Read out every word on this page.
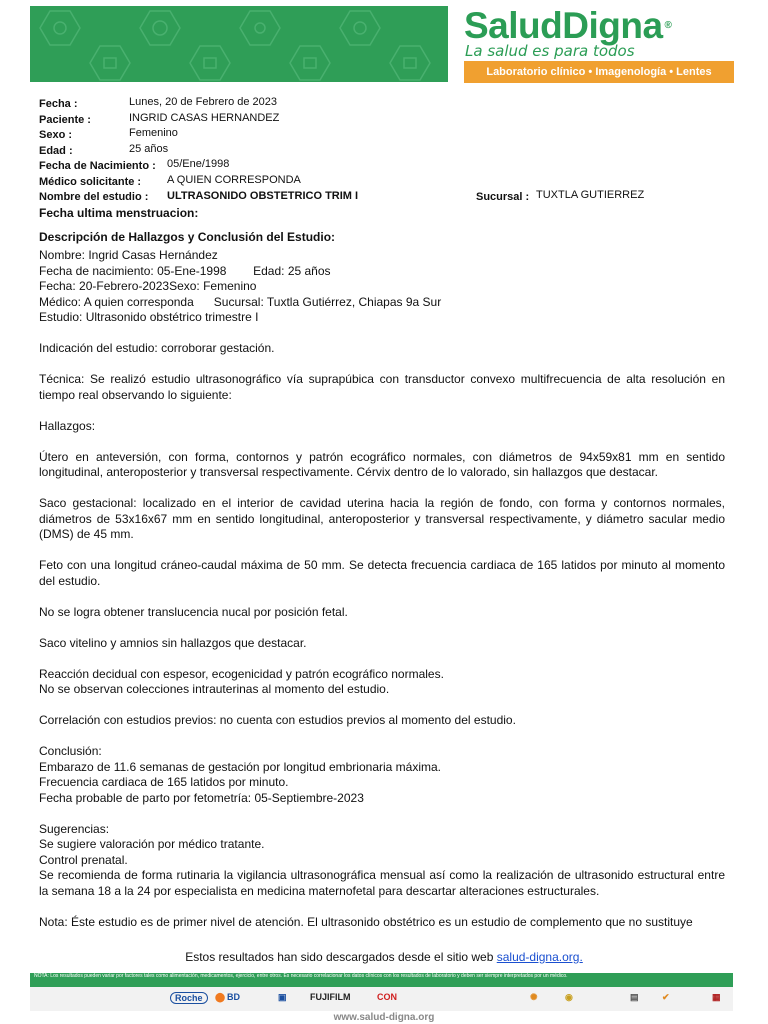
SaludDigna ®
La salud es para todos
Laboratorio clínico • Imagenología • Lentes
Fecha :	Lunes, 20 de Febrero de 2023
Paciente :	INGRID CASAS HERNANDEZ
Sexo :	Femenino
Edad :	25 años
Fecha de Nacimiento : 05/Ene/1998
Médico solicitante : A QUIEN CORRESPONDA
Nombre del estudio : ULTRASONIDO OBSTETRICO TRIM I	Sucursal : TUXTLA GUTIERREZ
Fecha ultima menstruacion:
Descripción de Hallazgos y Conclusión del Estudio:

Nombre: Ingrid Casas Hernández

Fecha de nacimiento: 05-Ene-1998        Edad: 25 años

Fecha: 20-Febrero-2023Sexo: Femenino

Médico: A quien corresponda      Sucursal: Tuxtla Gutiérrez, Chiapas 9a Sur

Estudio: Ultrasonido obstétrico trimestre I

Indicación del estudio: corroborar gestación.

Técnica: Se realizó estudio ultrasonográfico vía suprapúbica con transductor convexo multifrecuencia de alta resolución en tiempo real observando lo siguiente:

Hallazgos:

Útero en anteversión, con forma, contornos y patrón ecográfico normales, con diámetros de 94x59x81 mm en sentido longitudinal, anteroposterior y transversal respectivamente. Cérvix dentro de lo valorado, sin hallazgos que destacar.

Saco gestacional: localizado en el interior de cavidad uterina hacia la región de fondo, con forma y contornos normales, diámetros de 53x16x67 mm en sentido longitudinal, anteroposterior y transversal respectivamente, y diámetro sacular medio (DMS) de 45 mm.

Feto con una longitud cráneo-caudal máxima de 50 mm. Se detecta frecuencia cardiaca de 165 latidos por minuto al momento del estudio.

No se logra obtener translucencia nucal por posición fetal.

Saco vitelino y amnios sin hallazgos que destacar.

Reacción decidual con espesor, ecogenicidad y patrón ecográfico normales.

No se observan colecciones intrauterinas al momento del estudio.

Correlación con estudios previos: no cuenta con estudios previos al momento del estudio.

Conclusión:

Embarazo de 11.6 semanas de gestación por longitud embrionaria máxima.

Frecuencia cardiaca de 165 latidos por minuto.

Fecha probable de parto por fetometría: 05-Septiembre-2023

Sugerencias:

Se sugiere valoración por médico tratante.

Control prenatal.

Se recomienda de forma rutinaria la vigilancia ultrasonográfica mensual así como la realización de ultrasonido estructural entre la semana 18 a la 24 por especialista en medicina maternofetal para descartar alteraciones estructurales.

Nota: Éste estudio es de primer nivel de atención. El ultrasonido obstétrico es un estudio de complemento que no sustituye

Estos resultados han sido descargados desde el sitio web salud-digna.org.
NOTA: Los resultados pueden variar por factores tales como alimentación, medicamentos, ejercicio, entre otros. Es necesario correlacionar los datos clínicos con los resultados de laboratorio y deben ser siempre interpretados por un médico.
Roche	⬤ BD	▣	FUJIFILM	CON	✺	◉	▤	✔	▦
www.salud-digna.org
